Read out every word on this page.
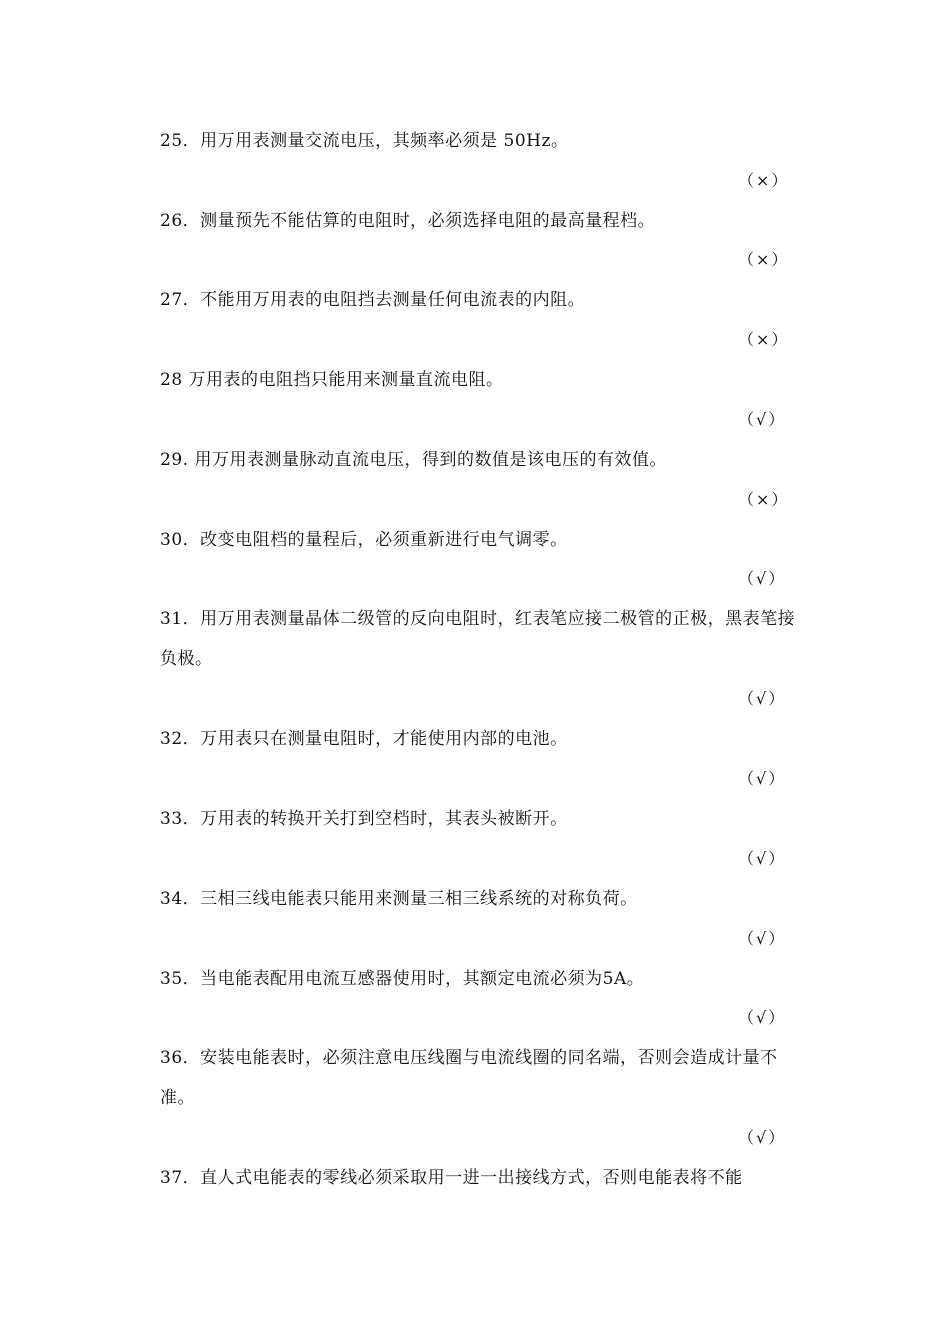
25．用万用表测量交流电压，其频率必须是 50Hz。
（×）
26．测量预先不能估算的电阻时，必须选择电阻的最高量程档。
（×）
27．不能用万用表的电阻挡去测量任何电流表的内阻。
（×）
28 万用表的电阻挡只能用来测量直流电阻。
（√）
29. 用万用表测量脉动直流电压，得到的数值是该电压的有效值。
（×）
30．改变电阻档的量程后，必须重新进行电气调零。
（√）
31．用万用表测量晶体二级管的反向电阻时，红表笔应接二极管的正极，黑表笔接负极。
（√）
32．万用表只在测量电阻时，才能使用内部的电池。
（√）
33．万用表的转换开关打到空档时，其表头被断开。
（√）
34．三相三线电能表只能用来测量三相三线系统的对称负荷。
（√）
35．当电能表配用电流互感器使用时，其额定电流必须为5A。
（√）
36．安装电能表时，必须注意电压线圈与电流线圈的同名端，否则会造成计量不准。
（√）
37．直人式电能表的零线必须采取用一进一出接线方式，否则电能表将不能
